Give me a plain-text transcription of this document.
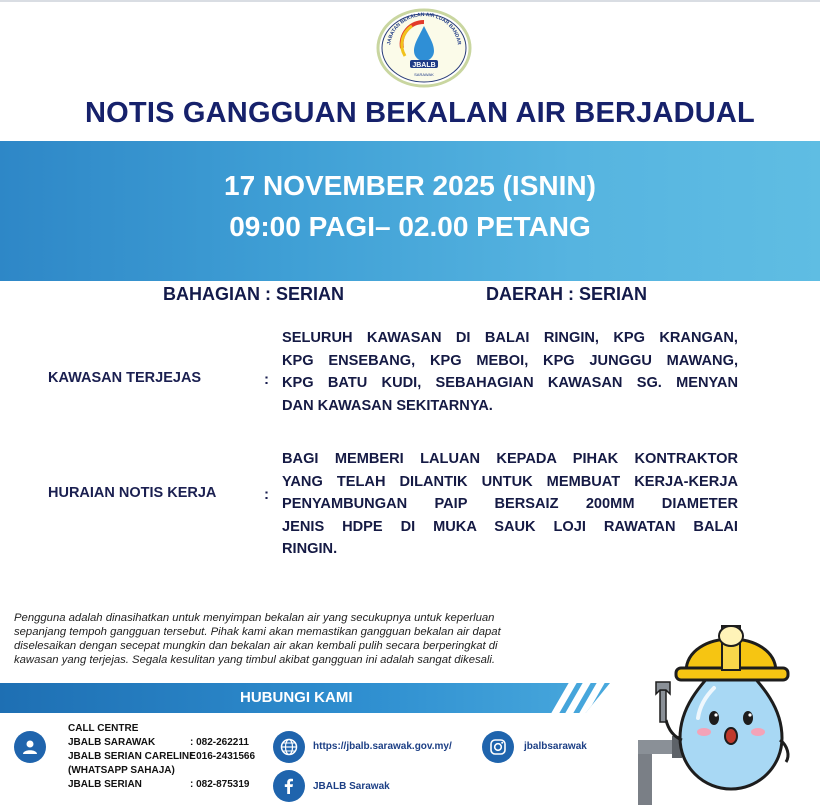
JBALB
SARAWAK
JABATAN BEKALAN AIR LUAR BANDAR
NOTIS GANGGUAN BEKALAN AIR BERJADUAL
17 NOVEMBER 2025 (ISNIN)
09:00 PAGI– 02.00 PETANG
BAHAGIAN : SERIAN	DAERAH : SERIAN
KAWASAN TERJEJAS	:
SELURUH KAWASAN DI BALAI RINGIN, KPG KRANGAN,
KPG ENSEBANG, KPG MEBOI, KPG JUNGGU MAWANG,
KPG BATU KUDI, SEBAHAGIAN KAWASAN SG. MENYAN
DAN KAWASAN SEKITARNYA.
HURAIAN NOTIS KERJA	:
BAGI MEMBERI LALUAN KEPADA PIHAK KONTRAKTOR
YANG TELAH DILANTIK UNTUK MEMBUAT KERJA-KERJA
PENYAMBUNGAN PAIP BERSAIZ 200MM DIAMETER
JENIS HDPE DI MUKA SAUK LOJI RAWATAN BALAI
RINGIN.
Pengguna adalah dinasihatkan untuk menyimpan bekalan air yang secukupnya untuk keperluan
sepanjang tempoh gangguan tersebut. Pihak kami akan memastikan gangguan bekalan air dapat
diselesaikan dengan secepat mungkin dan bekalan air akan kembali pulih secara berperingkat di
kawasan yang terjejas. Segala kesulitan yang timbul akibat gangguan ini adalah sangat dikesali.
HUBUNGI KAMI
CALL CENTRE
JBALB SARAWAK	: 082-262211
JBALB SERIAN CARELINE
: 016-2431566
(WHATSAPP SAHAJA)
JBALB SERIAN	: 082-875319
https://jbalb.sarawak.gov.my/	jbalbsarawak
JBALB Sarawak
